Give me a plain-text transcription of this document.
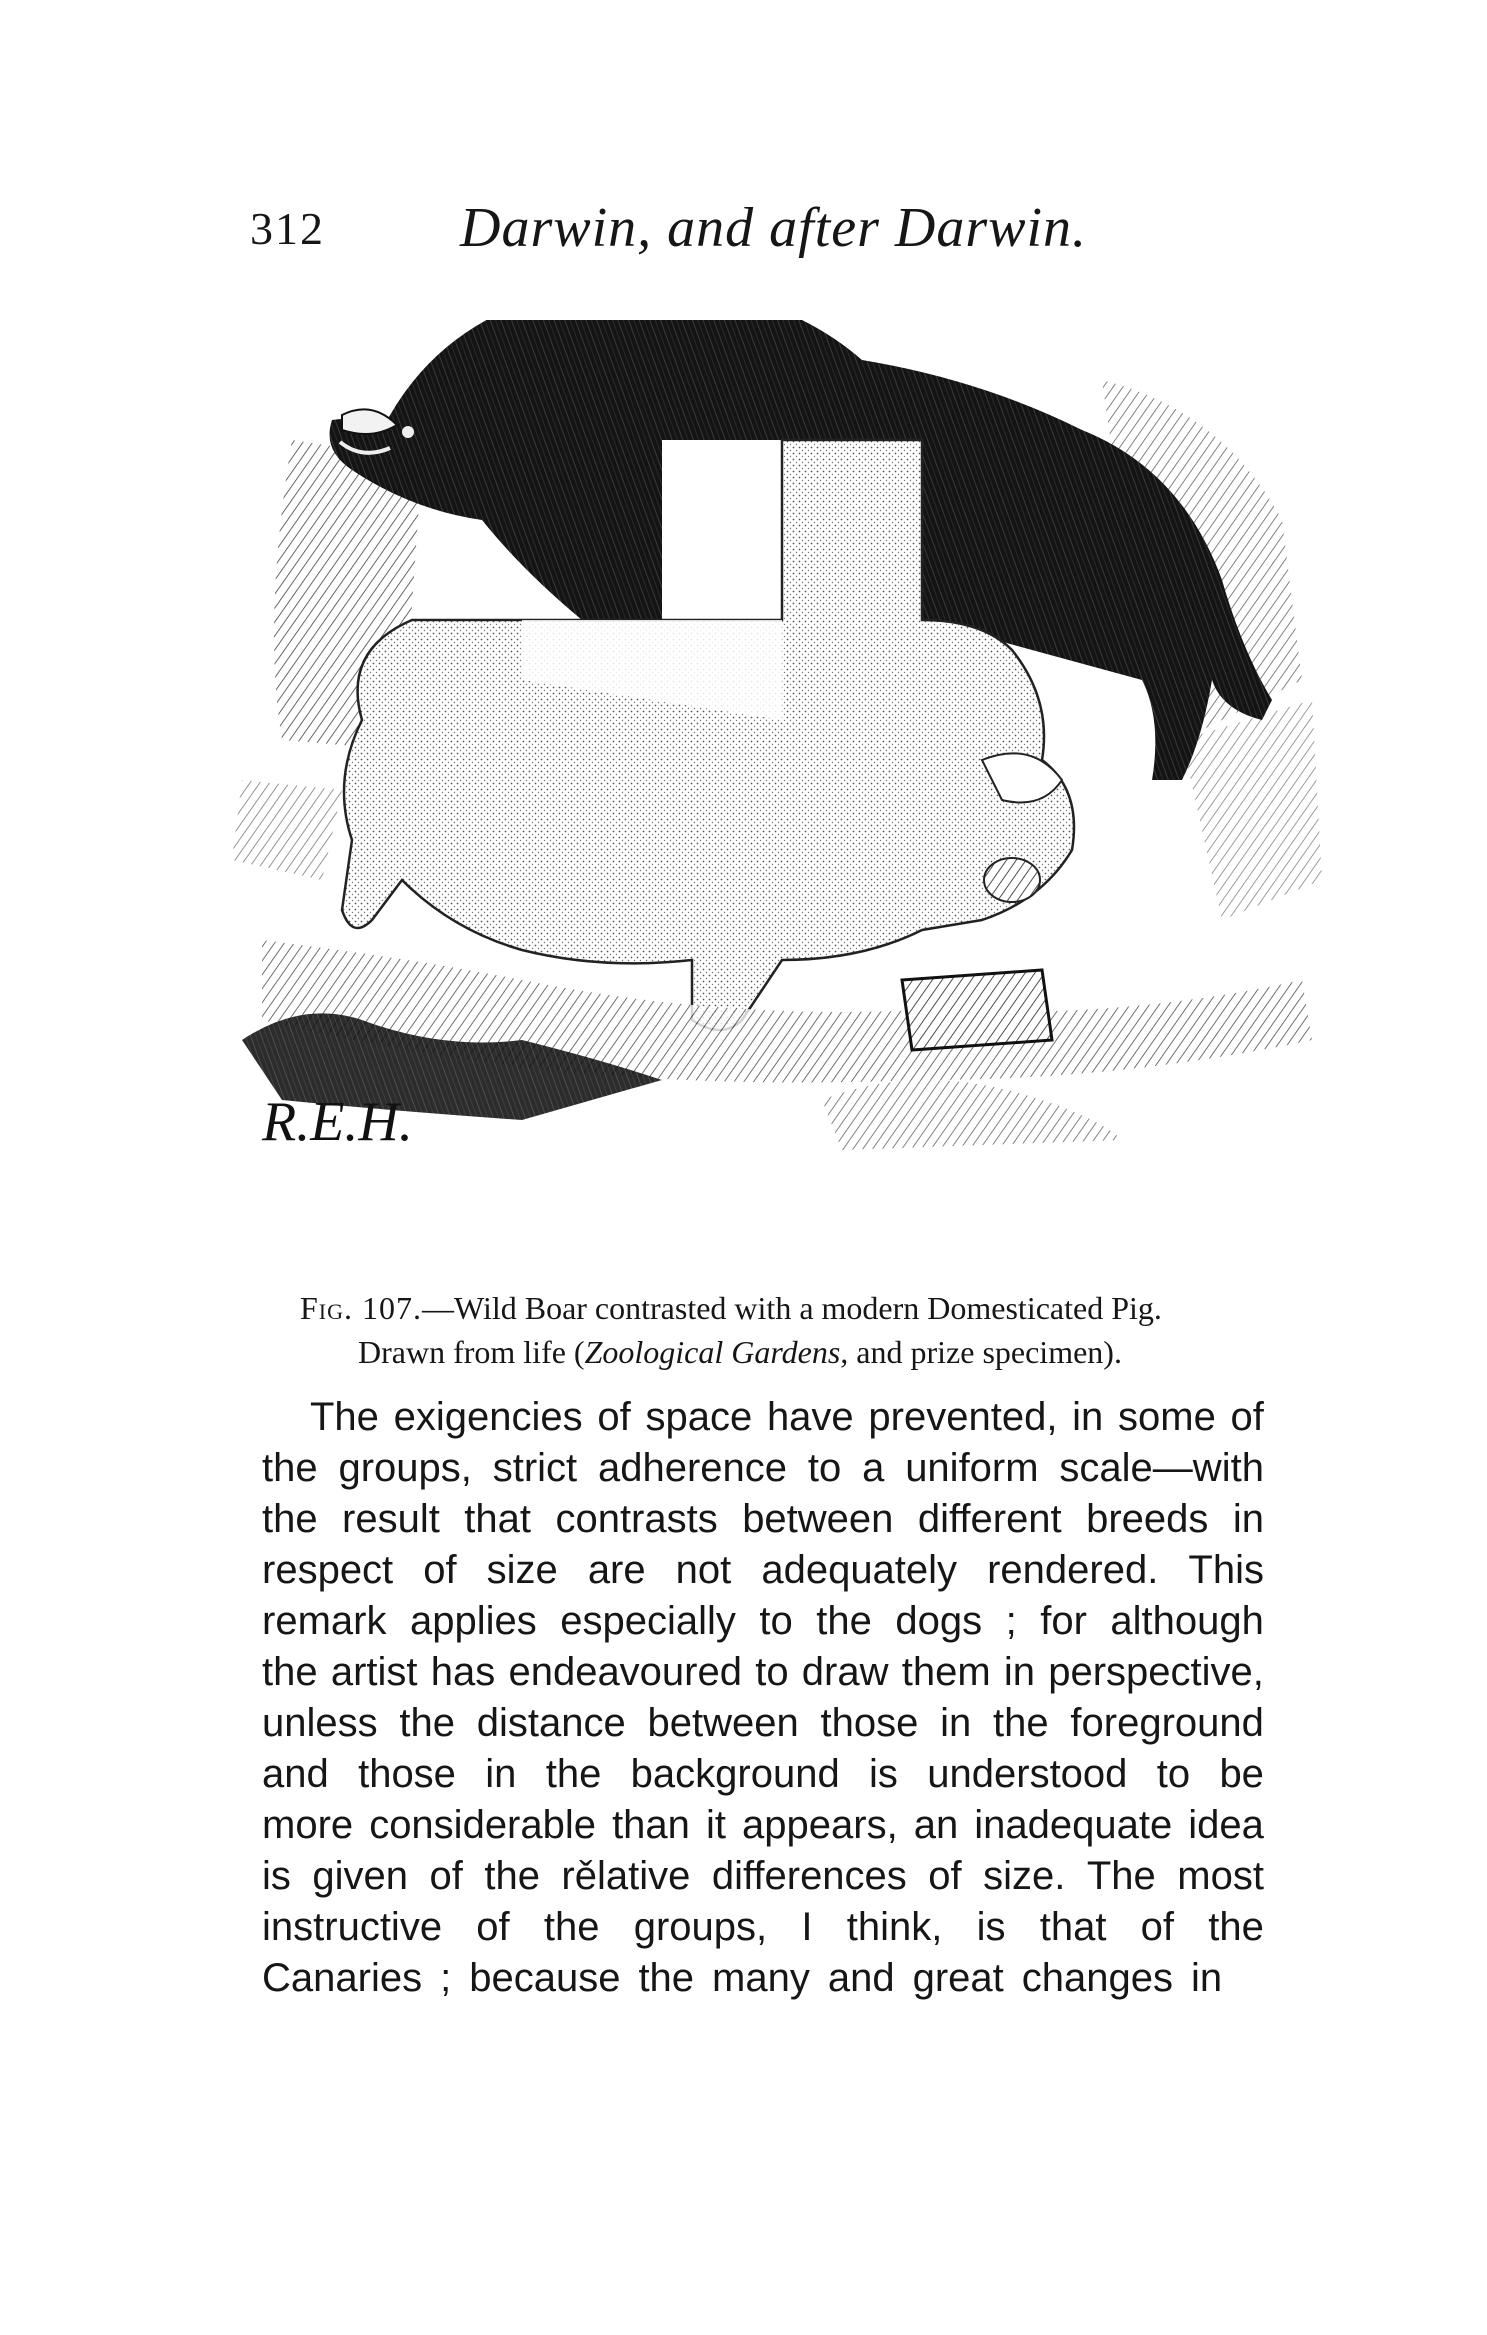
312 Darwin, and after Darwin.
R.E.H.
Fig. 107.—Wild Boar contrasted with a modern Domesticated Pig.
Drawn from life (Zoological Gardens, and prize specimen).
The exigencies of space have prevented, in some of
the groups, strict adherence to a uniform scale—with
the result that contrasts between different breeds in
respect of size are not adequately rendered. This
remark applies especially to the dogs ; for although
the artist has endeavoured to draw them in perspective,
unless the distance between those in the foreground
and those in the background is understood to be
more considerable than it appears, an inadequate idea
is given of the rělative differences of size. The most
instructive of the groups, I think, is that of the
Canaries ; because the many and great changes in
